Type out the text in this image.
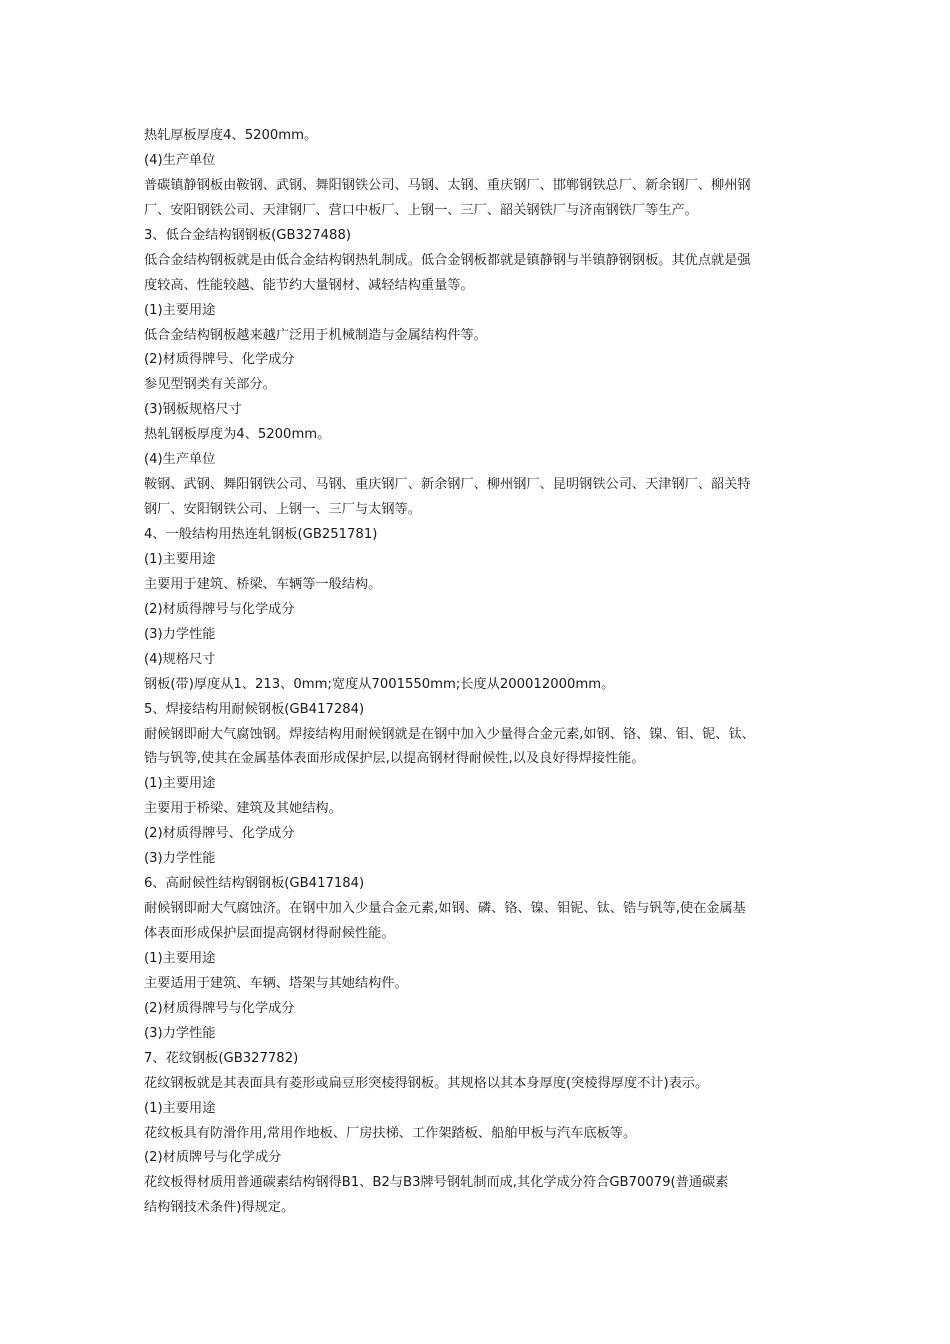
热轧厚板厚度4、5200mm。
(4)生产单位
普碳镇静钢板由鞍钢、武钢、舞阳钢铁公司、马钢、太钢、重庆钢厂、邯郸钢铁总厂、新余钢厂、柳州钢
厂、安阳钢铁公司、天津钢厂、营口中板厂、上钢一、三厂、韶关钢铁厂与济南钢铁厂等生产。
3、低合金结构钢钢板(GB327488)
低合金结构钢板就是由低合金结构钢热轧制成。低合金钢板都就是镇静钢与半镇静钢钢板。其优点就是强
度较高、性能较越、能节约大量钢材、减轻结构重量等。
(1)主要用途
低合金结构钢板越来越广泛用于机械制造与金属结构件等。
(2)材质得牌号、化学成分
参见型钢类有关部分。
(3)钢板规格尺寸
热轧钢板厚度为4、5200mm。
(4)生产单位
鞍钢、武钢、舞阳钢铁公司、马钢、重庆钢厂、新余钢厂、柳州钢厂、昆明钢铁公司、天津钢厂、韶关特
钢厂、安阳钢铁公司、上钢一、三厂与太钢等。
4、一般结构用热连轧钢板(GB251781)
(1)主要用途
主要用于建筑、桥梁、车辆等一般结构。
(2)材质得牌号与化学成分
(3)力学性能
(4)规格尺寸
钢板(带)厚度从1、213、0mm;宽度从7001550mm;长度从200012000mm。
5、焊接结构用耐候钢板(GB417284)
耐候钢即耐大气腐蚀钢。焊接结构用耐候钢就是在钢中加入少量得合金元素,如钢、铬、镍、钼、铌、钛、
锆与钒等,使其在金属基体表面形成保护层,以提高钢材得耐候性,以及良好得焊接性能。
(1)主要用途
主要用于桥梁、建筑及其她结构。
(2)材质得牌号、化学成分
(3)力学性能
6、高耐候性结构钢钢板(GB417184)
耐候钢即耐大气腐蚀济。在钢中加入少量合金元素,如钢、磷、铬、镍、钼铌、钛、锆与钒等,使在金属基
体表面形成保护层面提高钢材得耐候性能。
(1)主要用途
主要适用于建筑、车辆、塔架与其她结构件。
(2)材质得牌号与化学成分
(3)力学性能
7、花纹钢板(GB327782)
花纹钢板就是其表面具有菱形或扁豆形突棱得钢板。其规格以其本身厚度(突棱得厚度不计)表示。
(1)主要用途
花纹板具有防滑作用,常用作地板、厂房扶梯、工作架踏板、船舶甲板与汽车底板等。
(2)材质牌号与化学成分
花纹板得材质用普通碳素结构钢得B1、B2与B3牌号钢轧制而成,其化学成分符合GB70079(普通碳素
结构钢技术条件)得规定。
